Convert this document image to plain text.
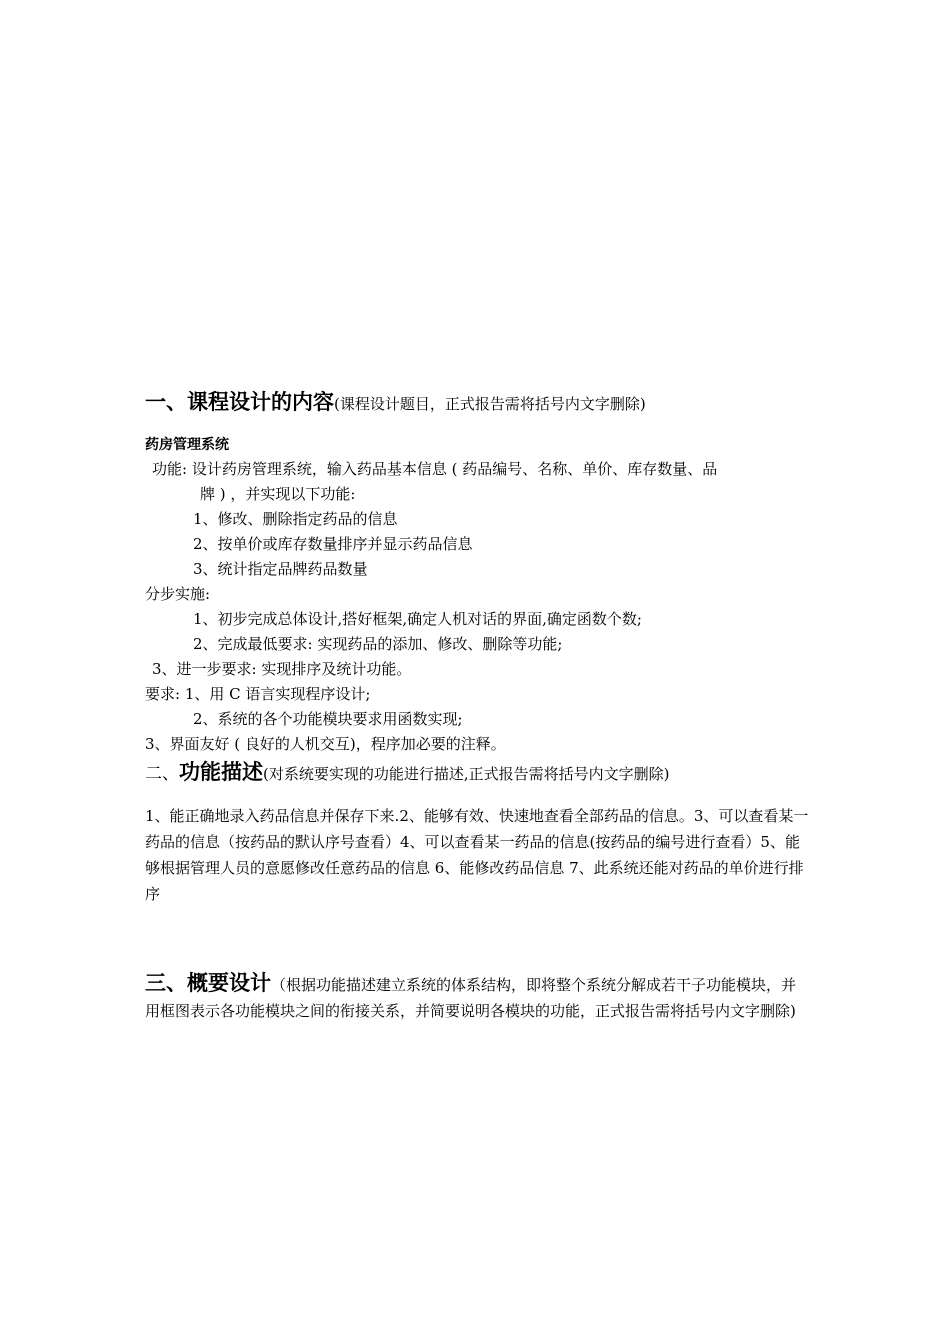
一、课程设计的内容(课程设计题目，正式报告需将括号内文字删除)
药房管理系统
功能: 设计药房管理系统，输入药品基本信息 ( 药品编号、名称、单价、库存数量、品
牌 ) ，并实现以下功能:
1、修改、删除指定药品的信息
2、按单价或库存数量排序并显示药品信息
3、统计指定品牌药品数量
分步实施:
1、初步完成总体设计,搭好框架,确定人机对话的界面,确定函数个数;
2、完成最低要求: 实现药品的添加、修改、删除等功能;
3、进一步要求: 实现排序及统计功能。
要求: 1、用 C 语言实现程序设计;
2、系统的各个功能模块要求用函数实现;
3、界面友好 ( 良好的人机交互)，程序加必要的注释。
二、功能描述(对系统要实现的功能进行描述,正式报告需将括号内文字删除)
1、能正确地录入药品信息并保存下来.2、能够有效、快速地查看全部药品的信息。3、可以查看某一药品的信息（按药品的默认序号查看）4、可以查看某一药品的信息(按药品的编号进行查看）5、能够根据管理人员的意愿修改任意药品的信息 6、能修改药品信息 7、此系统还能对药品的单价进行排序
三、概要设计（根据功能描述建立系统的体系结构，即将整个系统分解成若干子功能模块，并用框图表示各功能模块之间的衔接关系，并简要说明各模块的功能，正式报告需将括号内文字删除)
